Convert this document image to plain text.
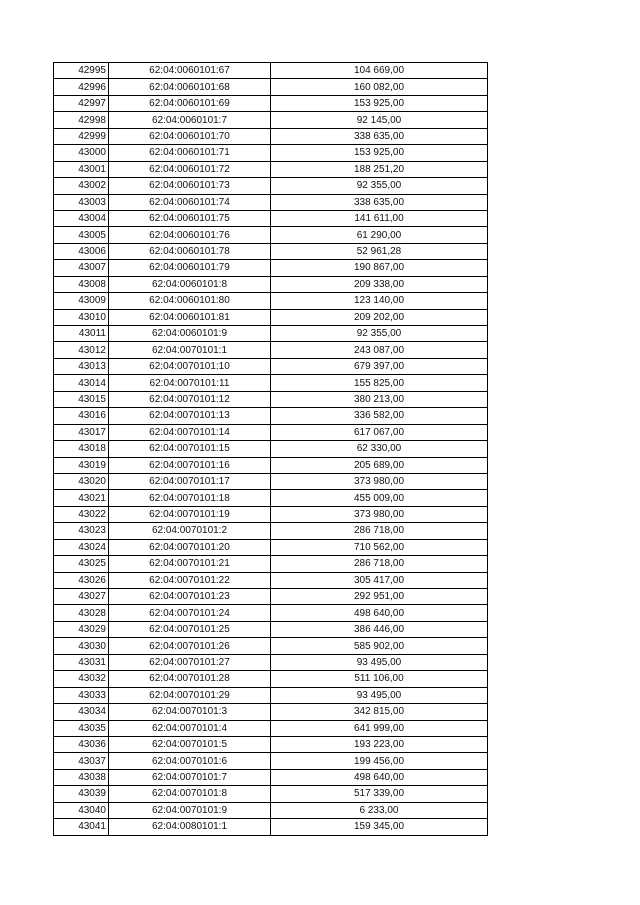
42995	62:04:0060101:67	104 669,00
42996	62:04:0060101:68	160 082,00
42997	62:04:0060101:69	153 925,00
42998	62:04:0060101:7	92 145,00
42999	62:04:0060101:70	338 635,00
43000	62:04:0060101:71	153 925,00
43001	62:04:0060101:72	188 251,20
43002	62:04:0060101:73	92 355,00
43003	62:04:0060101:74	338 635,00
43004	62:04:0060101:75	141 611,00
43005	62:04:0060101:76	61 290,00
43006	62:04:0060101:78	52 961,28
43007	62:04:0060101:79	190 867,00
43008	62:04:0060101:8	209 338,00
43009	62:04:0060101:80	123 140,00
43010	62:04:0060101:81	209 202,00
43011	62:04:0060101:9	92 355,00
43012	62:04:0070101:1	243 087,00
43013	62:04:0070101:10	679 397,00
43014	62:04:0070101:11	155 825,00
43015	62:04:0070101:12	380 213,00
43016	62:04:0070101:13	336 582,00
43017	62:04:0070101:14	617 067,00
43018	62:04:0070101:15	62 330,00
43019	62:04:0070101:16	205 689,00
43020	62:04:0070101:17	373 980,00
43021	62:04:0070101:18	455 009,00
43022	62:04:0070101:19	373 980,00
43023	62:04:0070101:2	286 718,00
43024	62:04:0070101:20	710 562,00
43025	62:04:0070101:21	286 718,00
43026	62:04:0070101:22	305 417,00
43027	62:04:0070101:23	292 951,00
43028	62:04:0070101:24	498 640,00
43029	62:04:0070101:25	386 446,00
43030	62:04:0070101:26	585 902,00
43031	62:04:0070101:27	93 495,00
43032	62:04:0070101:28	511 106,00
43033	62:04:0070101:29	93 495,00
43034	62:04:0070101:3	342 815,00
43035	62:04:0070101:4	641 999,00
43036	62:04:0070101:5	193 223,00
43037	62:04:0070101:6	199 456,00
43038	62:04:0070101:7	498 640,00
43039	62:04:0070101:8	517 339,00
43040	62:04:0070101:9	6 233,00
43041	62:04:0080101:1	159 345,00
